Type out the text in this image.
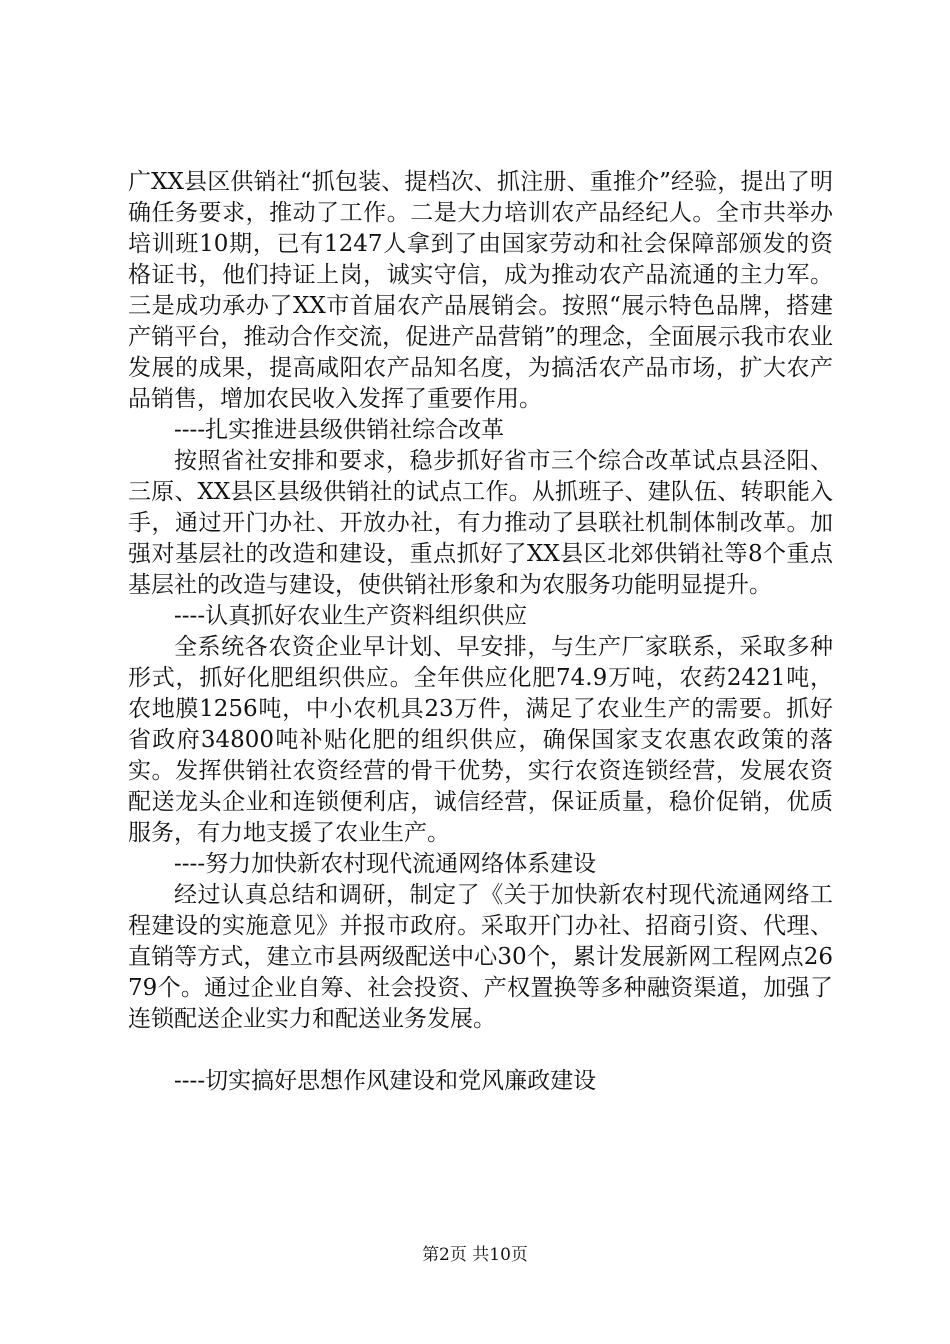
广XX县区供销社“抓包装、提档次、抓注册、重推介”经验，提出了明确任务要求，推动了工作。二是大力培训农产品经纪人。全市共举办培训班10期，已有1247人拿到了由国家劳动和社会保障部颁发的资格证书，他们持证上岗，诚实守信，成为推动农产品流通的主力军。三是成功承办了XX市首届农产品展销会。按照“展示特色品牌，搭建产销平台，推动合作交流，促进产品营销”的理念，全面展示我市农业发展的成果，提高咸阳农产品知名度，为搞活农产品市场，扩大农产品销售，增加农民收入发挥了重要作用。

----扎实推进县级供销社综合改革

按照省社安排和要求，稳步抓好省市三个综合改革试点县泾阳、三原、XX县区县级供销社的试点工作。从抓班子、建队伍、转职能入手，通过开门办社、开放办社，有力推动了县联社机制体制改革。加强对基层社的改造和建设，重点抓好了XX县区北郊供销社等8个重点基层社的改造与建设，使供销社形象和为农服务功能明显提升。

----认真抓好农业生产资料组织供应

全系统各农资企业早计划、早安排，与生产厂家联系，采取多种形式，抓好化肥组织供应。全年供应化肥74.9万吨，农药2421吨，农地膜1256吨，中小农机具23万件，满足了农业生产的需要。抓好省政府34800吨补贴化肥的组织供应，确保国家支农惠农政策的落实。发挥供销社农资经营的骨干优势，实行农资连锁经营，发展农资配送龙头企业和连锁便利店，诚信经营，保证质量，稳价促销，优质服务，有力地支援了农业生产。

----努力加快新农村现代流通网络体系建设

经过认真总结和调研，制定了《关于加快新农村现代流通网络工程建设的实施意见》并报市政府。采取开门办社、招商引资、代理、直销等方式，建立市县两级配送中心30个，累计发展新网工程网点2679个。通过企业自筹、社会投资、产权置换等多种融资渠道，加强了连锁配送企业实力和配送业务发展。

----切实搞好思想作风建设和党风廉政建设

第2页 共10页
